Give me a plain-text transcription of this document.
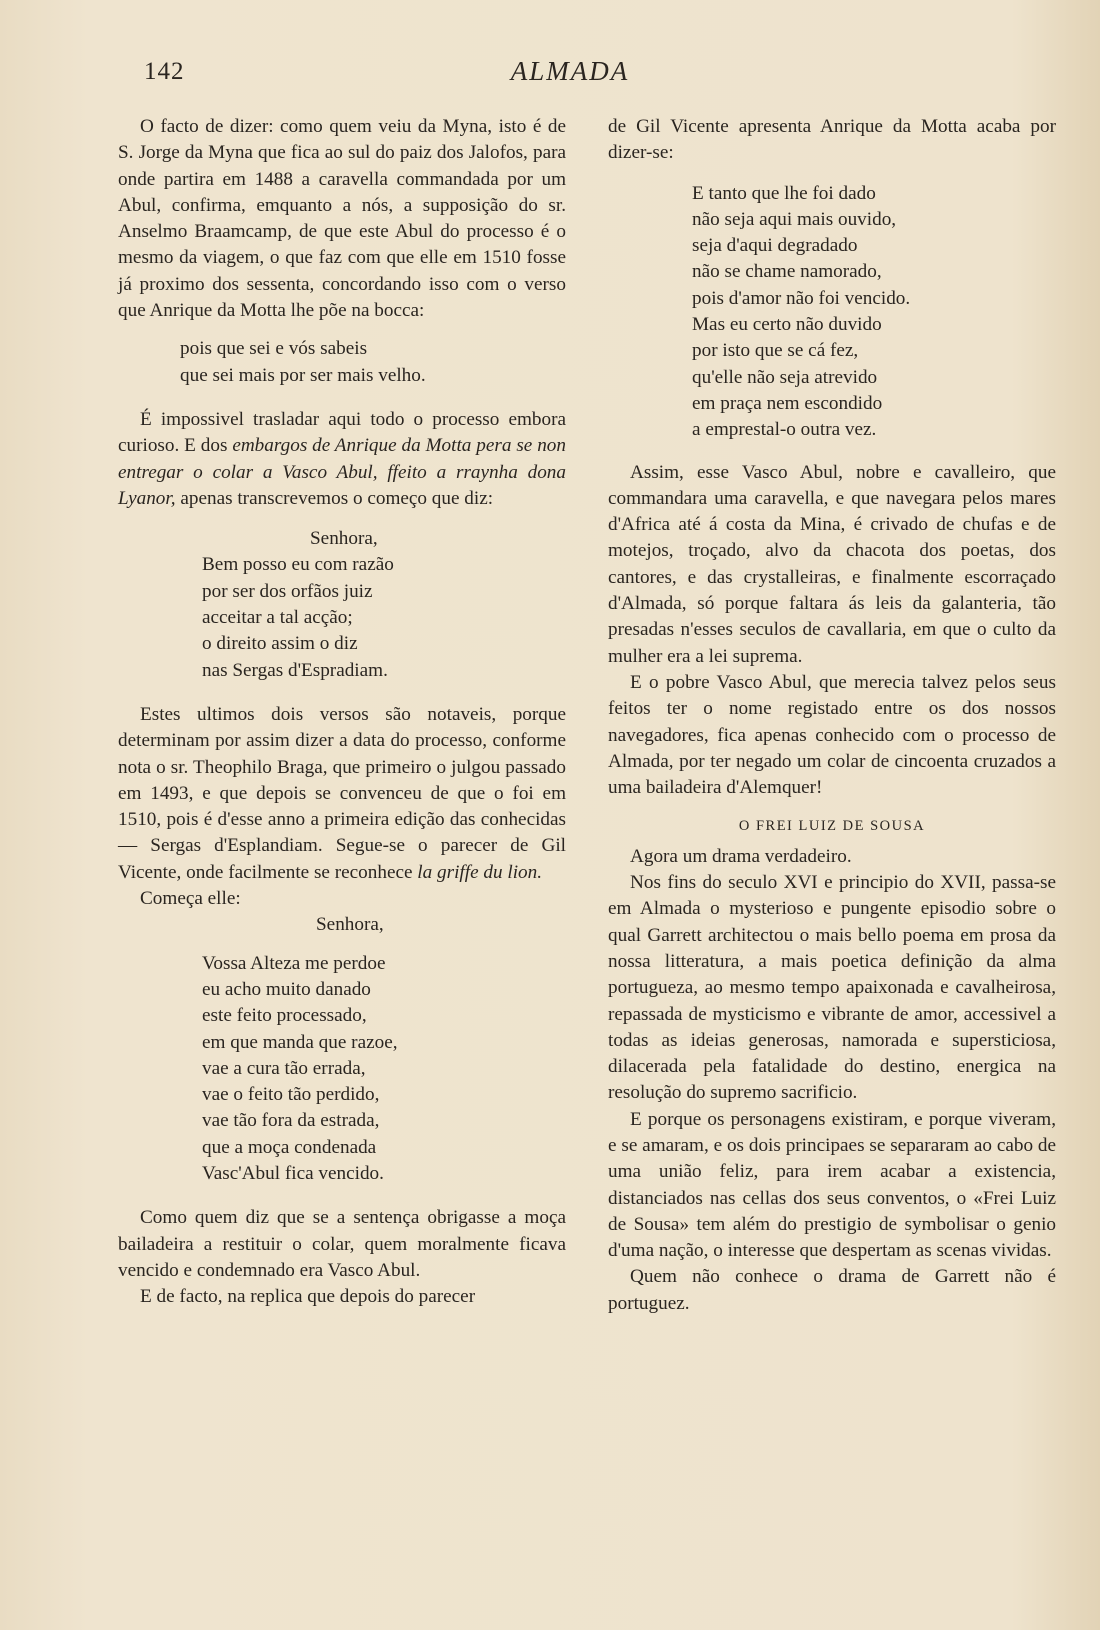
142	ALMADA

O facto de dizer: como quem veiu da Myna, isto é de S. Jorge da Myna que fica ao sul do paiz dos Jalofos, para onde partira em 1488 a caravella commandada por um Abul, confirma, emquanto a nós, a supposição do sr. Anselmo Braamcamp, de que este Abul do processo é o mesmo da viagem, o que faz com que elle em 1510 fosse já proximo dos sessenta, concordando isso com o verso que Anrique da Motta lhe põe na bocca:

pois que sei e vós sabeis
que sei mais por ser mais velho.

É impossivel trasladar aqui todo o processo embora curioso. E dos embargos de Anrique da Motta pera se non entregar o colar a Vasco Abul, ffeito a rraynha dona Lyanor, apenas transcrevemos o começo que diz:

Senhora,
Bem posso eu com razão
por ser dos orfãos juiz
acceitar a tal acção;
o direito assim o diz
nas Sergas d'Espradiam.

Estes ultimos dois versos são notaveis, porque determinam por assim dizer a data do processo, conforme nota o sr. Theophilo Braga, que primeiro o julgou passado em 1493, e que depois se convenceu de que o foi em 1510, pois é d'esse anno a primeira edição das conhecidas — Sergas d'Esplandiam. Segue-se o parecer de Gil Vicente, onde facilmente se reconhece la griffe du lion.

Começa elle:

Senhora,
Vossa Alteza me perdoe
eu acho muito danado
este feito processado,
em que manda que razoe,
vae a cura tão errada,
vae o feito tão perdido,
vae tão fora da estrada,
que a moça condenada
Vasc'Abul fica vencido.

Como quem diz que se a sentença obrigasse a moça bailadeira a restituir o colar, quem moralmente ficava vencido e condemnado era Vasco Abul.

E de facto, na replica que depois do parecer

de Gil Vicente apresenta Anrique da Motta acaba por dizer-se:

E tanto que lhe foi dado
não seja aqui mais ouvido,
seja d'aqui degradado
não se chame namorado,
pois d'amor não foi vencido.
Mas eu certo não duvido
por isto que se cá fez,
qu'elle não seja atrevido
em praça nem escondido
a emprestal-o outra vez.

Assim, esse Vasco Abul, nobre e cavalleiro, que commandara uma caravella, e que navegara pelos mares d'Africa até á costa da Mina, é crivado de chufas e de motejos, troçado, alvo da chacota dos poetas, dos cantores, e das crystalleiras, e finalmente escorraçado d'Almada, só porque faltara ás leis da galanteria, tão presadas n'esses seculos de cavallaria, em que o culto da mulher era a lei suprema.

E o pobre Vasco Abul, que merecia talvez pelos seus feitos ter o nome registado entre os dos nossos navegadores, fica apenas conhecido com o processo de Almada, por ter negado um colar de cincoenta cruzados a uma bailadeira d'Alemquer!

O FREI LUIZ DE SOUSA

Agora um drama verdadeiro.

Nos fins do seculo XVI e principio do XVII, passa-se em Almada o mysterioso e pungente episodio sobre o qual Garrett architectou o mais bello poema em prosa da nossa litteratura, a mais poetica definição da alma portugueza, ao mesmo tempo apaixonada e cavalheirosa, repassada de mysticismo e vibrante de amor, accessivel a todas as ideias generosas, namorada e supersticiosa, dilacerada pela fatalidade do destino, energica na resolução do supremo sacrificio.

E porque os personagens existiram, e porque viveram, e se amaram, e os dois principaes se separaram ao cabo de uma união feliz, para irem acabar a existencia, distanciados nas cellas dos seus conventos, o «Frei Luiz de Sousa» tem além do prestigio de symbolisar o genio d'uma nação, o interesse que despertam as scenas vividas.

Quem não conhece o drama de Garrett não é portuguez.
